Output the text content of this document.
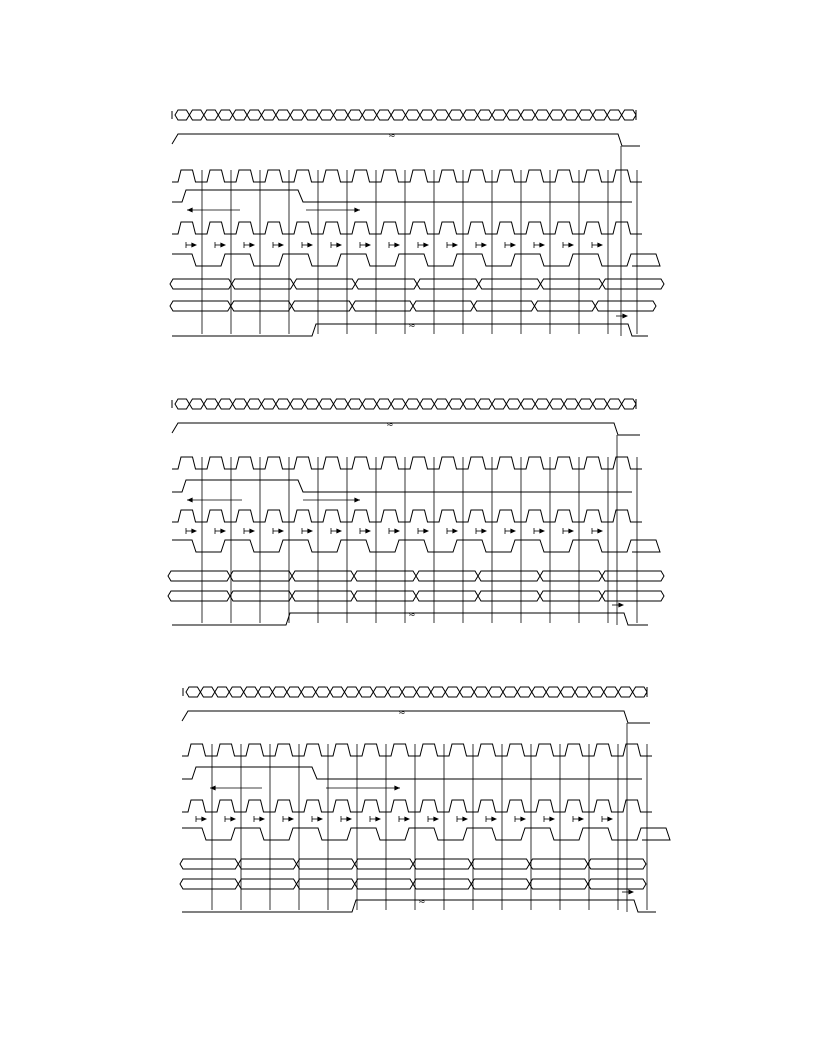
≈
≈
≈
≈
≈
≈
